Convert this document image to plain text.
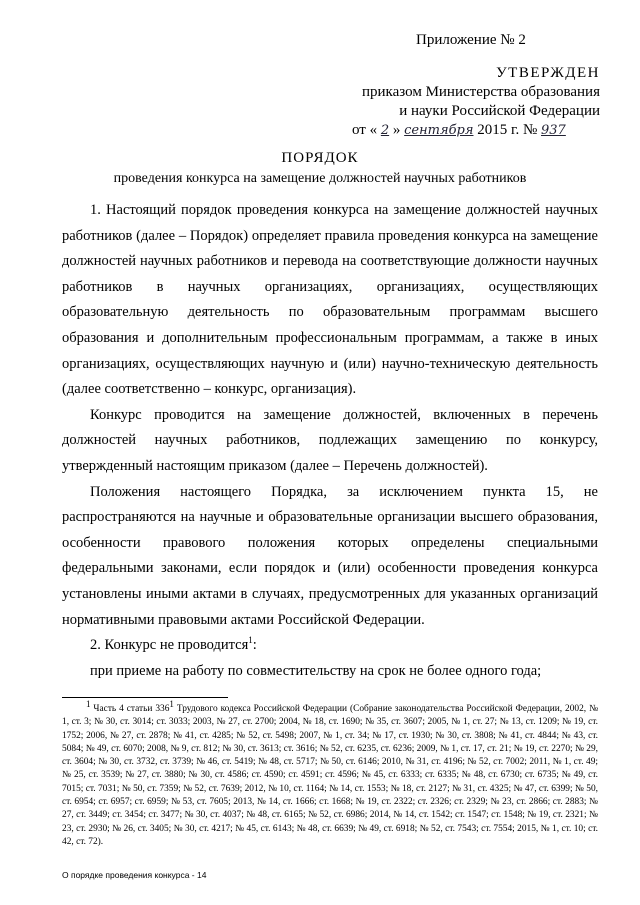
Приложение № 2
УТВЕРЖДЕН
приказом Министерства образования
и науки Российской Федерации
от « 2 » сентября 2015 г. № 937
ПОРЯДОК
проведения конкурса на замещение должностей научных работников

1. Настоящий порядок проведения конкурса на замещение должностей научных работников (далее – Порядок) определяет правила проведения конкурса на замещение должностей научных работников и перевода на соответствующие должности научных работников в научных организациях, организациях, осуществляющих образовательную деятельность по образовательным программам высшего образования и дополнительным профессиональным программам, а также в иных организациях, осуществляющих научную и (или) научно-техническую деятельность (далее соответственно – конкурс, организация).

Конкурс проводится на замещение должностей, включенных в перечень должностей научных работников, подлежащих замещению по конкурсу, утвержденный настоящим приказом (далее – Перечень должностей).

Положения настоящего Порядка, за исключением пункта 15, не распространяются на научные и образовательные организации высшего образования, особенности правового положения которых определены специальными федеральными законами, если порядок и (или) особенности проведения конкурса установлены иными актами в случаях, предусмотренных для указанных организаций нормативными правовыми актами Российской Федерации.

2. Конкурс не проводится$^1$:

при приеме на работу по совместительству на срок не более одного года;

$^1$ Часть 4 статьи $336^1$ Трудового кодекса Российской Федерации (Собрание законодательства Российской Федерации, 2002, № 1, ст. 3; № 30, ст. 3014; ст. 3033; 2003, № 27, ст. 2700; 2004, № 18, ст. 1690; № 35, ст. 3607; 2005, № 1, ст. 27; № 13, ст. 1209; № 19, ст. 1752; 2006, № 27, ст. 2878; № 41, ст. 4285; № 52, ст. 5498; 2007, № 1, ст. 34; № 17, ст. 1930; № 30, ст. 3808; № 41, ст. 4844; № 43, ст. 5084; № 49, ст. 6070; 2008, № 9, ст. 812; № 30, ст. 3613; ст. 3616; № 52, ст. 6235, ст. 6236; 2009, № 1, ст. 17, ст. 21; № 19, ст. 2270; № 29, ст. 3604; № 30, ст. 3732, ст. 3739; № 46, ст. 5419; № 48, ст. 5717; № 50, ст. 6146; 2010, № 31, ст. 4196; № 52, ст. 7002; 2011, № 1, ст. 49; № 25, ст. 3539; № 27, ст. 3880; № 30, ст. 4586; ст. 4590; ст. 4591; ст. 4596; № 45, ст. 6333; ст. 6335; № 48, ст. 6730; ст. 6735; № 49, ст. 7015; ст. 7031; № 50, ст. 7359; № 52, ст. 7639; 2012, № 10, ст. 1164; № 14, ст. 1553; № 18, ст. 2127; № 31, ст. 4325; № 47, ст. 6399; № 50, ст. 6954; ст. 6957; ст. 6959; № 53, ст. 7605; 2013, № 14, ст. 1666; ст. 1668; № 19, ст. 2322; ст. 2326; ст. 2329; № 23, ст. 2866; ст. 2883; № 27, ст. 3449; ст. 3454; ст. 3477; № 30, ст. 4037; № 48, ст. 6165; № 52, ст. 6986; 2014, № 14, ст. 1542; ст. 1547; ст. 1548; № 19, ст. 2321; № 23, ст. 2930; № 26, ст. 3405; № 30, ст. 4217; № 45, ст. 6143; № 48, ст. 6639; № 49, ст. 6918; № 52, ст. 7543; ст. 7554; 2015, № 1, ст. 10; ст. 42, ст. 72).
О порядке проведения конкурса - 14
